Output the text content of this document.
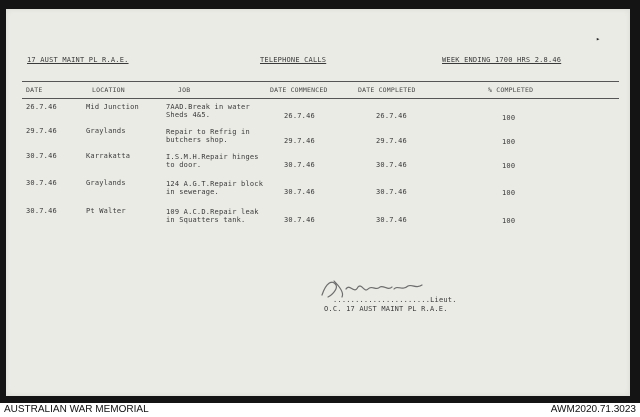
17 AUST MAINT PL R.A.E.	TELEPHONE CALLS	WEEK ENDING 1700 HRS 2.8.46
DATE	LOCATION	JOB	DATE COMMENCED	DATE COMPLETED	% COMPLETED
26.7.46	Mid Junction	7AAD.Break in water Sheds 4&5.	26.7.46	26.7.46	100
29.7.46	Graylands	Repair to Refrig in butchers shop.	29.7.46	29.7.46	100
30.7.46	Karrakatta	I.S.M.H.Repair hinges to door.	30.7.46	30.7.46	100
30.7.46	Graylands	124 A.G.T.Repair block in sewerage.	30.7.46	30.7.46	100
30.7.46	Pt Walter	109 A.C.D.Repair leak in Squatters tank.	30.7.46	30.7.46	100
......................Lieut.
O.C. 17 AUST MAINT PL R.A.E.
▸
AUSTRALIAN WAR MEMORIAL	AWM2020.71.3023
